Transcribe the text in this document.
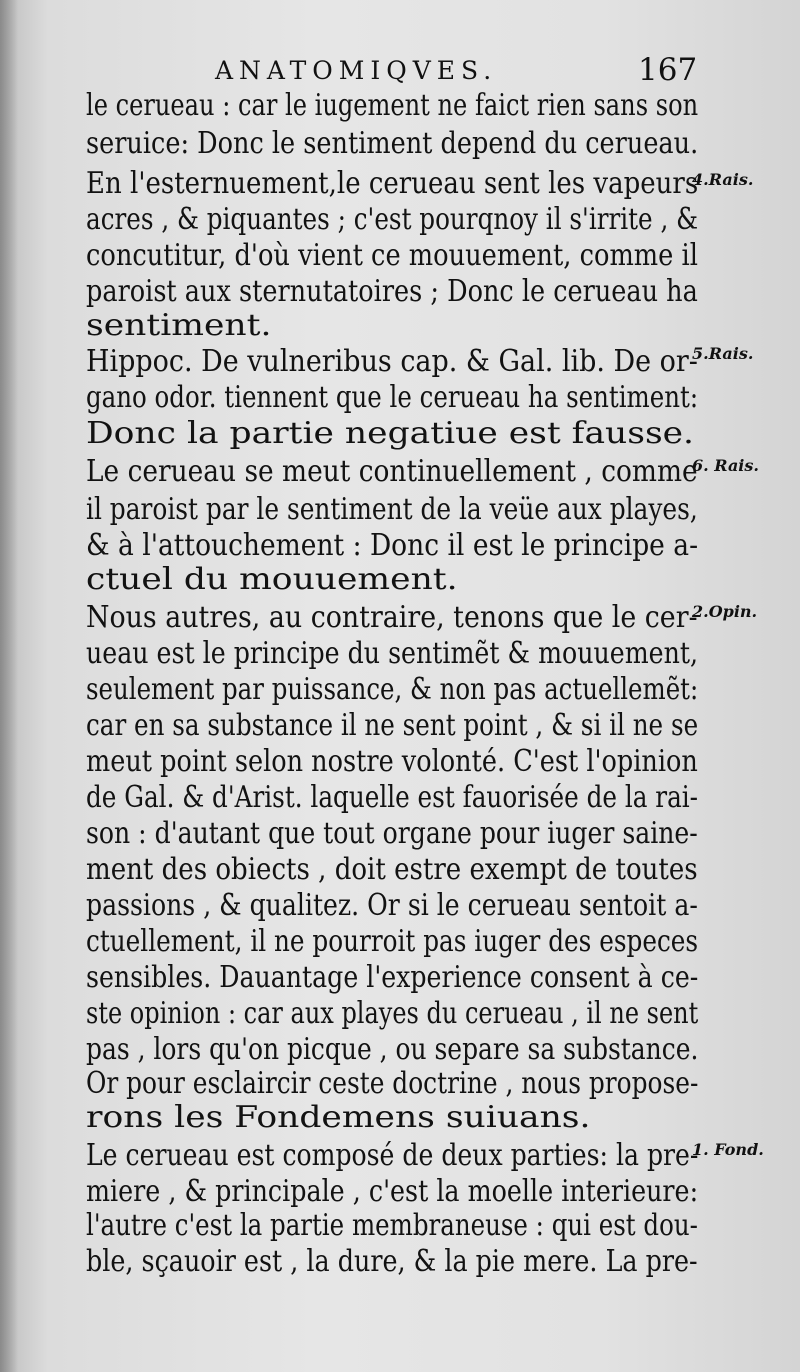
ANATOMIQVES.	167
le cerueau : car le iugement ne faict rien sans son
seruice: Donc le sentiment depend du cerueau.
En l'esternuement,le cerueau sent les vapeurs
acres , & piquantes ; c'est pourqnoy il s'irrite , &
concutitur, d'où vient ce mouuement, comme il
paroist aux sternutatoires ; Donc le cerueau ha
sentiment.
Hippoc. De vulneribus cap. & Gal. lib. De or-
gano odor. tiennent que le cerueau ha sentiment:
Donc la partie negatiue est fausse.
Le cerueau se meut continuellement , comme
il paroist par le sentiment de la veüe aux playes,
& à l'attouchement : Donc il est le principe a-
ctuel du mouuement.
Nous autres, au contraire, tenons que le cer-
ueau est le principe du sentimẽt & mouuement,
seulement par puissance, & non pas actuellemẽt:
car en sa substance il ne sent point , & si il ne se
meut point selon nostre volonté. C'est l'opinion
de Gal. & d'Arist. laquelle est fauorisée de la rai-
son : d'autant que tout organe pour iuger saine-
ment des obiects , doit estre exempt de toutes
passions , & qualitez. Or si le cerueau sentoit a-
ctuellement, il ne pourroit pas iuger des especes
sensibles. Dauantage l'experience consent à ce-
ste opinion : car aux playes du cerueau , il ne sent
pas , lors qu'on picque , ou separe sa substance.
Or pour esclaircir ceste doctrine , nous propose-
rons les Fondemens suiuans.
Le cerueau est composé de deux parties: la pre-
miere , & principale , c'est la moelle interieure:
l'autre c'est la partie membraneuse : qui est dou-
ble, sçauoir est , la dure, & la pie mere. La pre-
4.Rais.
5.Rais.
6. Rais.
2.Opin.
1. Fond.
